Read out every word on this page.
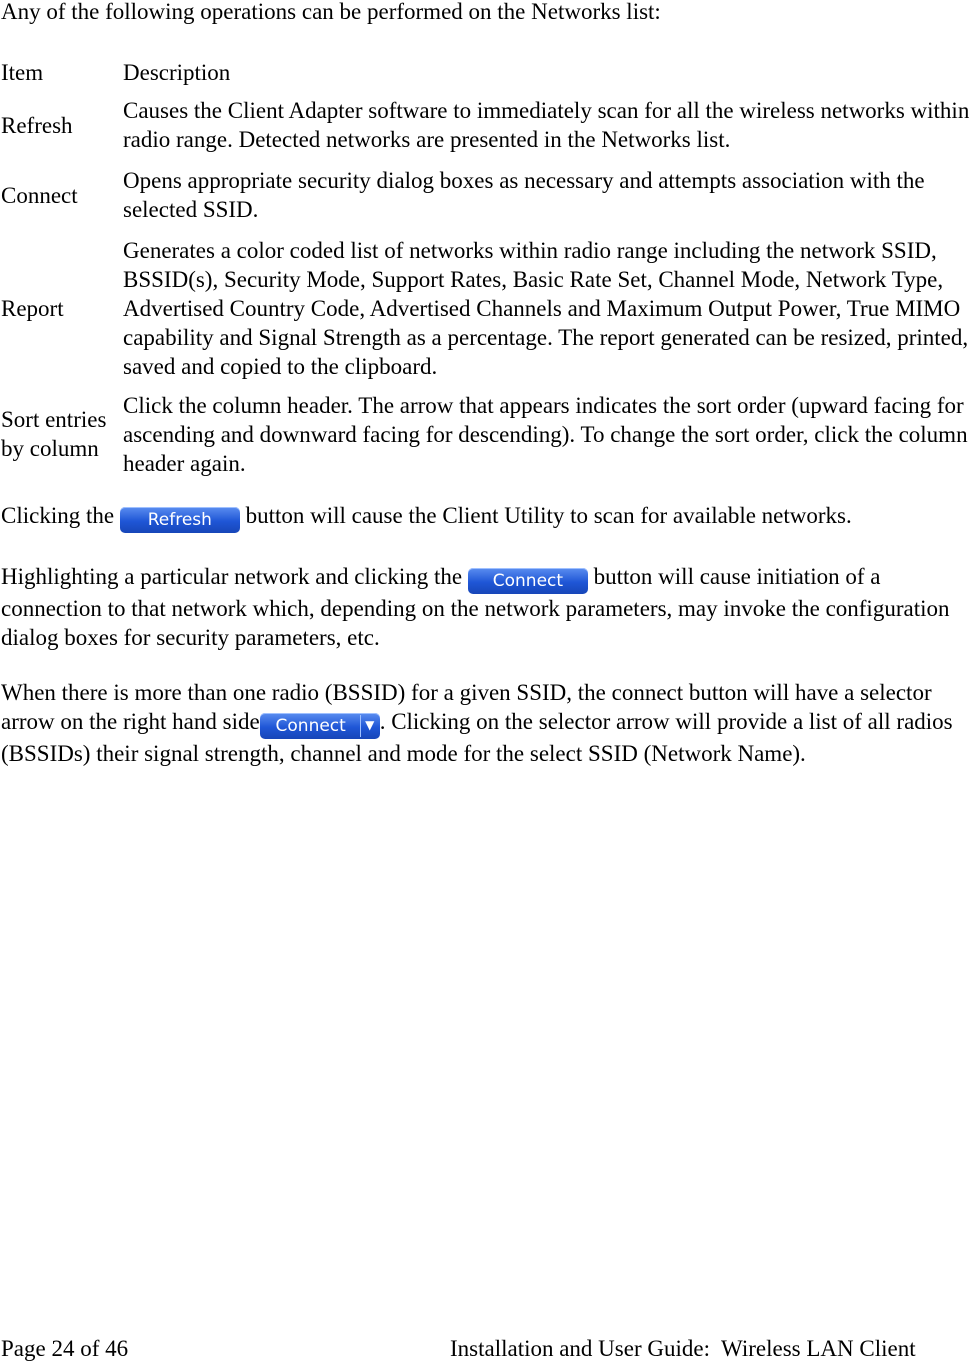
Any of the following operations can be performed on the Networks list:

Item	Description
Refresh	Causes the Client Adapter software to immediately scan for all the wireless networks within radio range. Detected networks are presented in the Networks list.
Connect	Opens appropriate security dialog boxes as necessary and attempts association with the selected SSID.
Report	Generates a color coded list of networks within radio range including the network SSID, BSSID(s), Security Mode, Support Rates, Basic Rate Set, Channel Mode, Network Type, Advertised Country Code, Advertised Channels and Maximum Output Power, True MIMO capability and Signal Strength as a percentage. The report generated can be resized, printed, saved and copied to the clipboard.
Sort entries by column	Click the column header. The arrow that appears indicates the sort order (upward facing for ascending and downward facing for descending). To change the sort order, click the column header again.

Clicking the Refresh button will cause the Client Utility to scan for available networks.

Highlighting a particular network and clicking the Connect button will cause initiation of a connection to that network which, depending on the network parameters, may invoke the configuration dialog boxes for security parameters, etc.

When there is more than one radio (BSSID) for a given SSID, the connect button will have a selector arrow on the right hand side Connect	▼ . Clicking on the selector arrow will provide a list of all radios (BSSIDs) their signal strength, channel and mode for the select SSID (Network Name).

Page 24 of 46	Installation and User Guide:  Wireless LAN Client
